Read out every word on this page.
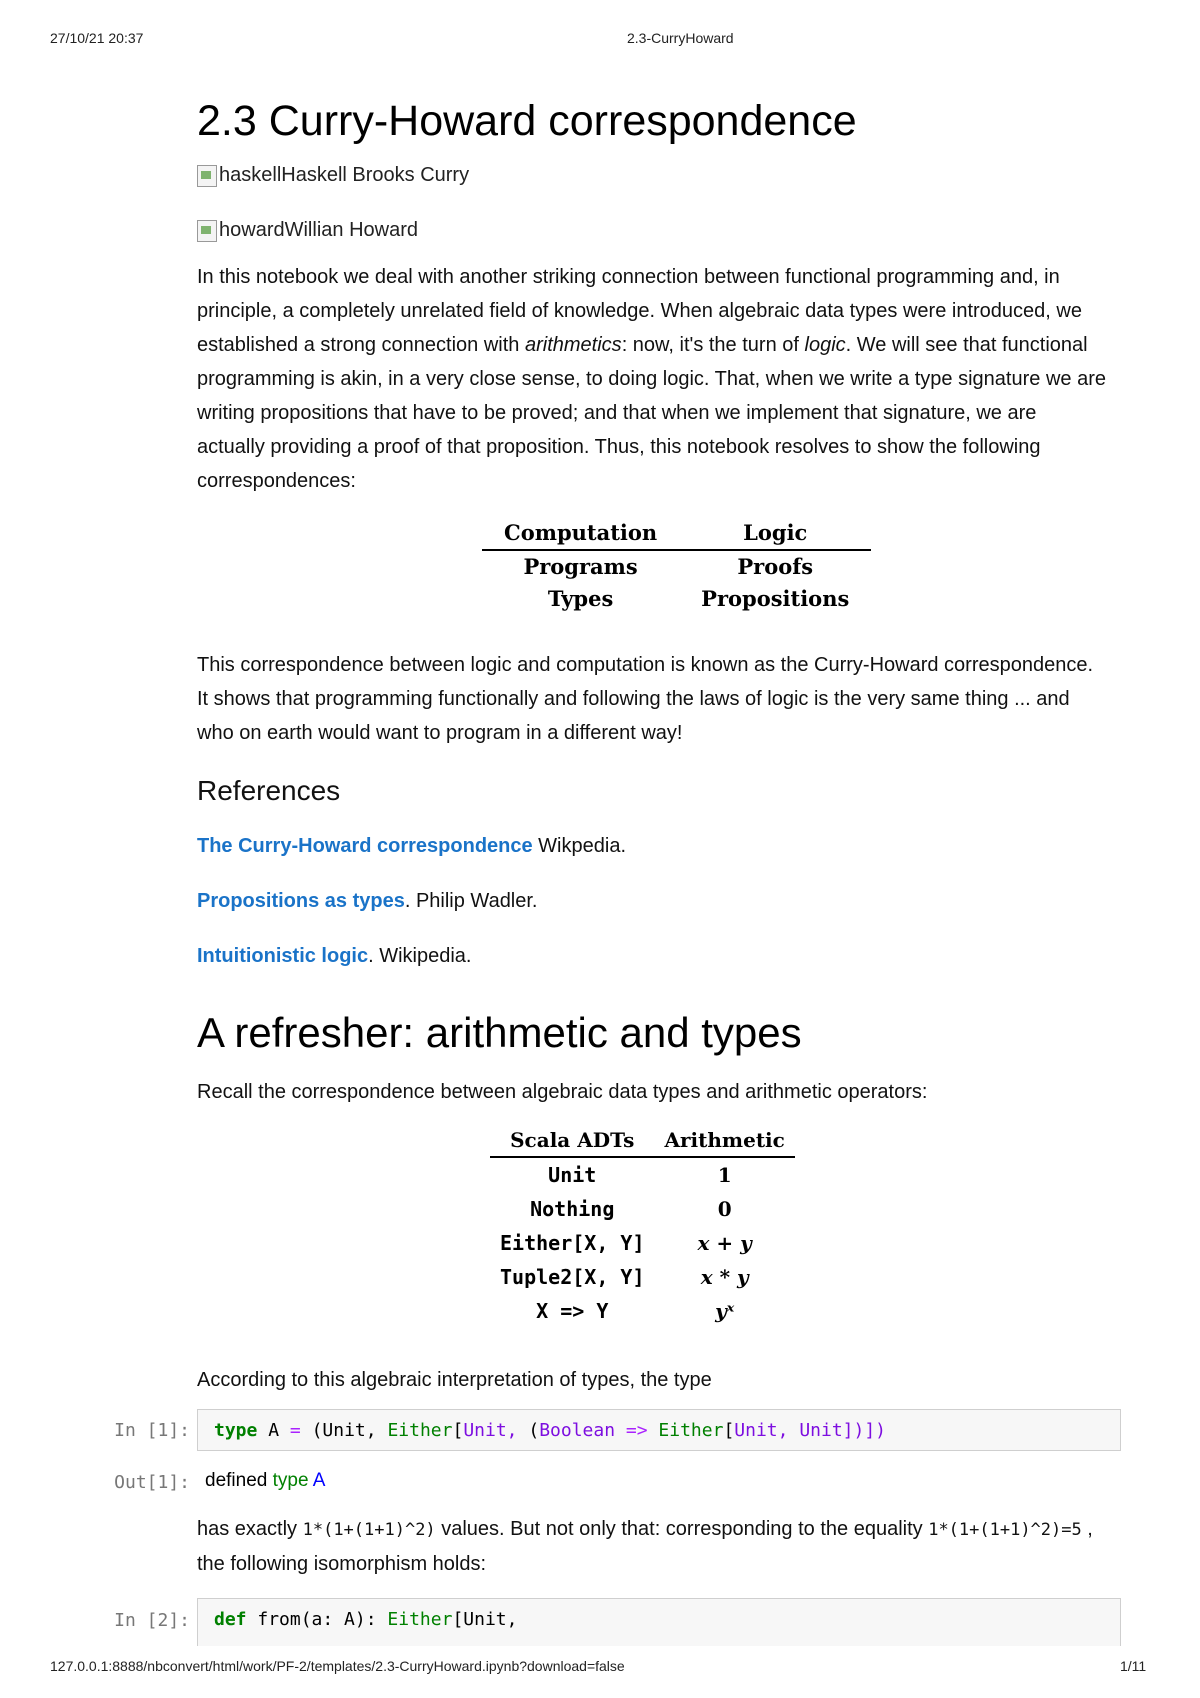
27/10/21 20:37	2.3-CurryHoward
127.0.0.1:8888/nbconvert/html/work/PF-2/templates/2.3-CurryHoward.ipynb?download=false	1/11
2.3 Curry-Howard correspondence
haskell Haskell Brooks Curry
howard Willian Howard
In this notebook we deal with another striking connection between functional programming and, in principle, a completely unrelated field of knowledge. When algebraic data types were introduced, we established a strong connection with arithmetics: now, it's the turn of logic. We will see that functional programming is akin, in a very close sense, to doing logic. That, when we write a type signature we are writing propositions that have to be proved; and that when we implement that signature, we are actually providing a proof of that proposition. Thus, this notebook resolves to show the following correspondences:
Computation	Logic
Programs	Proofs
Types	Propositions
This correspondence between logic and computation is known as the Curry-Howard correspondence. It shows that programming functionally and following the laws of logic is the very same thing ... and who on earth would want to program in a different way!
References
The Curry-Howard correspondence Wikpedia.
Propositions as types. Philip Wadler.
Intuitionistic logic. Wikipedia.
A refresher: arithmetic and types
Recall the correspondence between algebraic data types and arithmetic operators:
Scala ADTs	Arithmetic
Unit	1
Nothing	0
Either[X, Y]	x + y
Tuple2[X, Y]	x * y
X => Y	yˣ
According to this algebraic interpretation of types, the type
In [1]: type A = (Unit, Either[Unit, (Boolean => Either[Unit, Unit])])
Out[1]: defined type A
has exactly 1*(1+(1+1)^2) values. But not only that: corresponding to the equality 1*(1+(1+1)^2)=5 , the following isomorphism holds:
In [2]: def from(a: A): Either[Unit,
